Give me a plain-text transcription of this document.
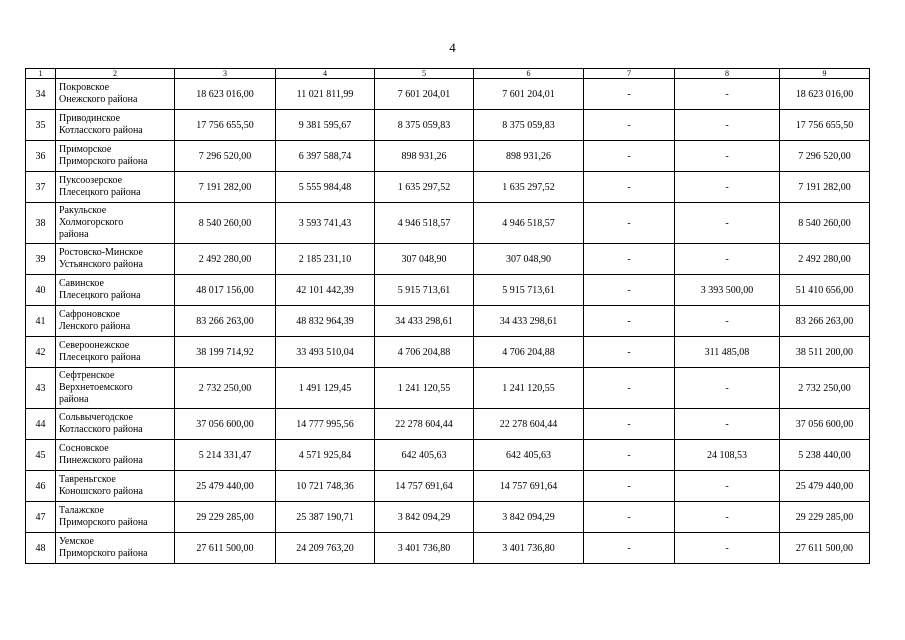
4
1	2	3	4	5	6	7	8	9
34	Покровское
Онежского района	18 623 016,00	11 021 811,99	7 601 204,01	7 601 204,01	-	-	18 623 016,00
35	Приводинское
Котласского района	17 756 655,50	9 381 595,67	8 375 059,83	8 375 059,83	-	-	17 756 655,50
36	Приморское
Приморского района	7 296 520,00	6 397 588,74	898 931,26	898 931,26	-	-	7 296 520,00
37	Пуксоозерское
Плесецкого района	7 191 282,00	5 555 984,48	1 635 297,52	1 635 297,52	-	-	7 191 282,00
38	Ракульское
Холмогорского
района	8 540 260,00	3 593 741,43	4 946 518,57	4 946 518,57	-	-	8 540 260,00
39	Ростовско-Минское
Устьянского района	2 492 280,00	2 185 231,10	307 048,90	307 048,90	-	-	2 492 280,00
40	Савинское
Плесецкого района	48 017 156,00	42 101 442,39	5 915 713,61	5 915 713,61	-	3 393 500,00	51 410 656,00
41	Сафроновское
Ленского района	83 266 263,00	48 832 964,39	34 433 298,61	34 433 298,61	-	-	83 266 263,00
42	Североонежское
Плесецкого района	38 199 714,92	33 493 510,04	4 706 204,88	4 706 204,88	-	311 485,08	38 511 200,00
43	Сефтренское
Верхнетоемского
района	2 732 250,00	1 491 129,45	1 241 120,55	1 241 120,55	-	-	2 732 250,00
44	Сольвычегодское
Котласского района	37 056 600,00	14 777 995,56	22 278 604,44	22 278 604,44	-	-	37 056 600,00
45	Сосновское
Пинежского района	5 214 331,47	4 571 925,84	642 405,63	642 405,63	-	24 108,53	5 238 440,00
46	Тавреньгское
Коношского района	25 479 440,00	10 721 748,36	14 757 691,64	14 757 691,64	-	-	25 479 440,00
47	Талажское
Приморского района	29 229 285,00	25 387 190,71	3 842 094,29	3 842 094,29	-	-	29 229 285,00
48	Уемское
Приморского района	27 611 500,00	24 209 763,20	3 401 736,80	3 401 736,80	-	-	27 611 500,00
